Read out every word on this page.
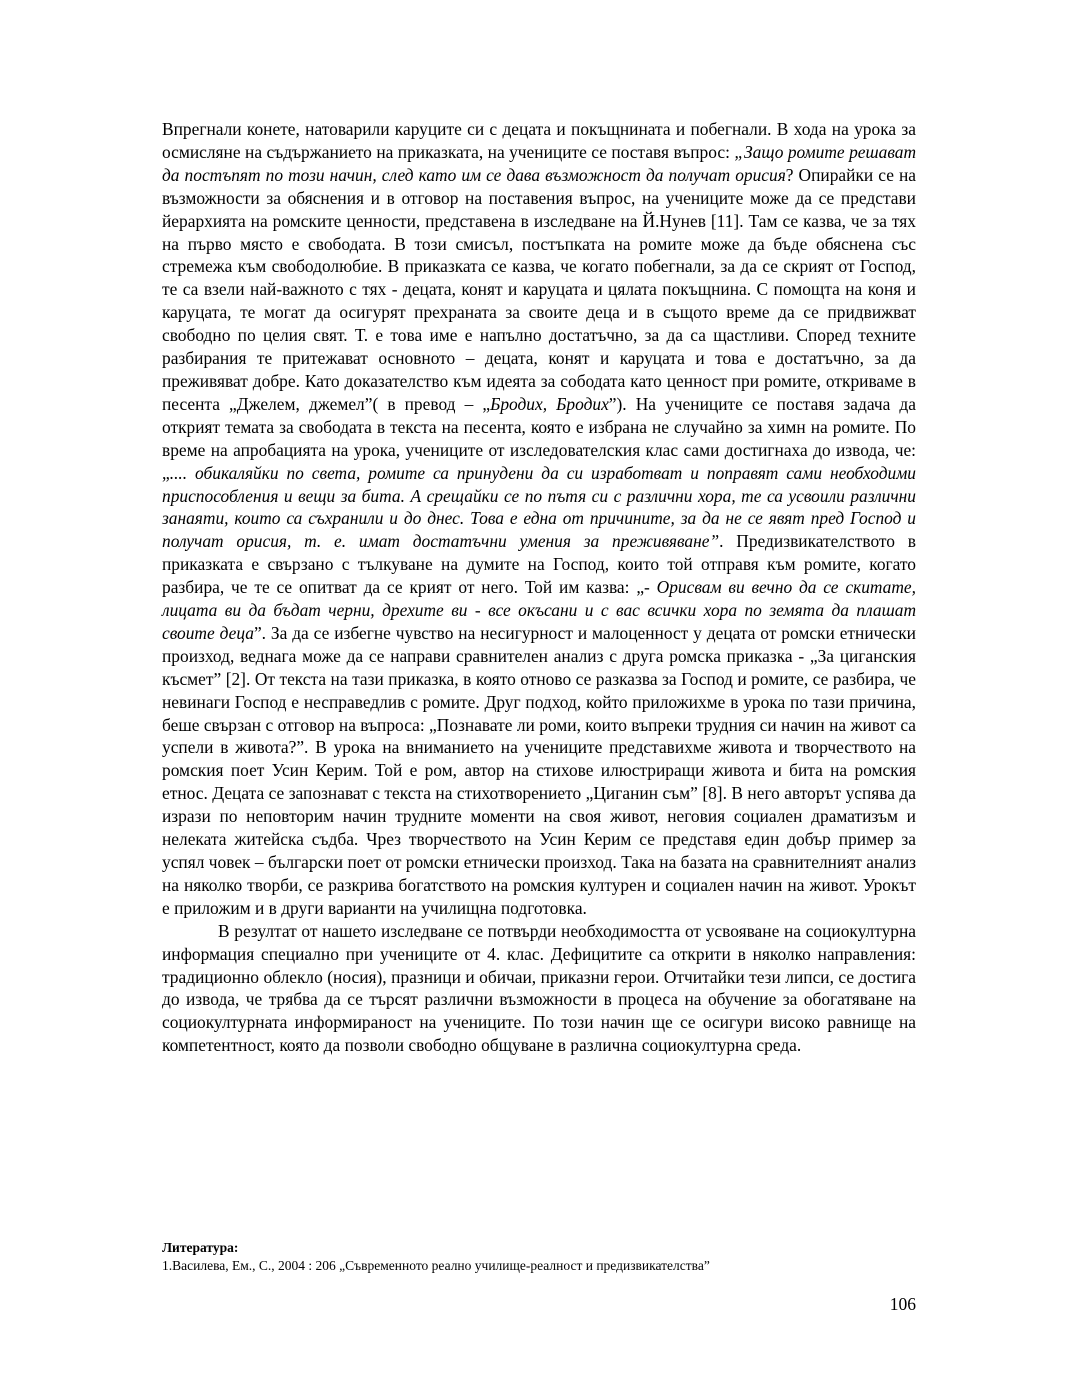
Впрегнали конете, натоварили каруците си с децата и покъщнината и побегнали. В хода на урока за осмисляне на съдържанието на приказката, на учениците се поставя въпрос: „Защо ромите решават да постъпят по този начин, след като им се дава възможност да получат орисия? Опирайки се на възможности за обяснения и в отговор на поставения въпрос, на учениците може да се представи йерархията на ромските ценности, представена в изследване на Й.Нунев [11]. Там се казва, че за тях на първо място е свободата. В този смисъл, постъпката на ромите може да бъде обяснена със стремежа към свободолюбие. В приказката се казва, че когато побегнали, за да се скрият от Господ, те са взели най-важното с тях - децата, конят и каруцата и цялата покъщнина. С помощта на коня и каруцата, те могат да осигурят прехраната за своите деца и в същото време да се придвижват свободно по целия свят. Т. е това име е напълно достатъчно, за да са щастливи. Според техните разбирания те притежават основното – децата, конят и каруцата и това е достатъчно, за да преживяват добре. Като доказателство към идеята за сободата като ценност при ромите, откриваме в песента „Джелем, джемел”( в превод – „Бродих, Бродих”). На учениците се поставя задача да открият темата за свободата в текста на песента, която е избрана не случайно за химн на ромите. По време на апробацията на урока, учениците от изследователския клас сами достигнаха до извода, че: „.... обикаляйки по света, ромите са принудени да си изработват и поправят сами необходими приспособления и вещи за бита. А срещайки се по пътя си с различни хора, те са усвоили различни занаяти, които са съхранили и до днес. Това е една от причините, за да не се явят пред Господ и получат орисия, т. е. имат достатъчни умения за преживяване”. Предизвикателството в приказката е свързано с тълкуване на думите на Господ, които той отправя към ромите, когато разбира, че те се опитват да се крият от него. Той им казва: „- Орисвам ви вечно да се скитате, лицата ви да бъдат черни, дрехите ви - все окъсани и с вас всички хора по земята да плашат своите деца”. За да се избегне чувство на несигурност и малоценност у децата от ромски етнически произход, веднага може да се направи сравнителен анализ с друга ромска приказка - „За циганския късмет” [2]. От текста на тази приказка, в която отново се разказва за Господ и ромите, се разбира, че невинаги Господ е несправедлив с ромите. Друг подход, който приложихме в урока по тази причина, беше свързан с отговор на въпроса: „Познавате ли роми, които въпреки трудния си начин на живот са успели в живота?”. В урока на вниманието на учениците представихме живота и творчеството на ромския поет Усин Керим. Той е ром, автор на стихове илюстриращи живота и бита на ромския етнос. Децата се запознават с текста на стихотворението „Циганин съм” [8]. В него авторът успява да изрази по неповторим начин трудните моменти на своя живот, неговия социален драматизъм и нелеката житейска съдба. Чрез творчеството на Усин Керим се представя един добър пример за успял човек – български поет от ромски етнически произход. Така на базата на сравнителният анализ на няколко творби, се разкрива богатството на ромския културен и социален начин на живот. Урокът е приложим и в други варианти на училищна подготовка.

В резултат от нашето изследване се потвърди необходимостта от усвояване на социокултурна информация специално при учениците от 4. клас. Дефицитите са открити в няколко направления: традиционно облекло (носия), празници и обичаи, приказни герои. Отчитайки тези липси, се достига до извода, че трябва да се търсят различни възможности в процеса на обучение за обогатяване на социокултурната информираност на учениците. По този начин ще се осигури високо равнище на компетентност, която да позволи свободно общуване в различна социокултурна среда.

Литература:

1.Василева, Ем., С., 2004 : 206 „Съвременното реално училище-реалност и предизвикателства”

106
